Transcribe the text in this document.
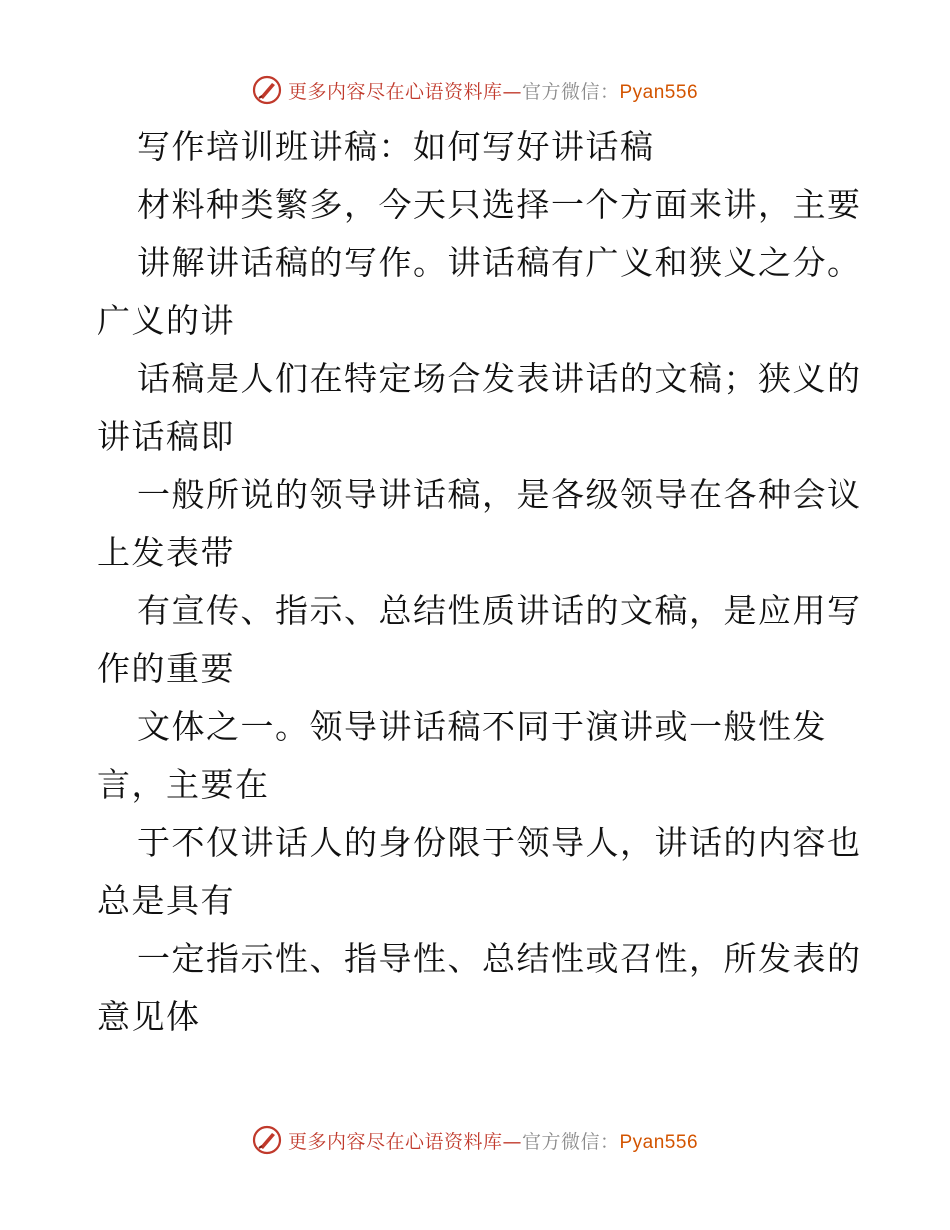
更多内容尽在心语资料库—官方微信：Pyan556
写作培训班讲稿：如何写好讲话稿
材料种类繁多，今天只选择一个方面来讲，主要
讲解讲话稿的写作。讲话稿有广义和狭义之分。
广义的讲
话稿是人们在特定场合发表讲话的文稿；狭义的
讲话稿即
一般所说的领导讲话稿，是各级领导在各种会议
上发表带
有宣传、指示、总结性质讲话的文稿，是应用写
作的重要
文体之一。领导讲话稿不同于演讲或一般性发
言，主要在
于不仅讲话人的身份限于领导人，讲话的内容也
总是具有
一定指示性、指导性、总结性或召性，所发表的
意见体
更多内容尽在心语资料库—官方微信：Pyan556
